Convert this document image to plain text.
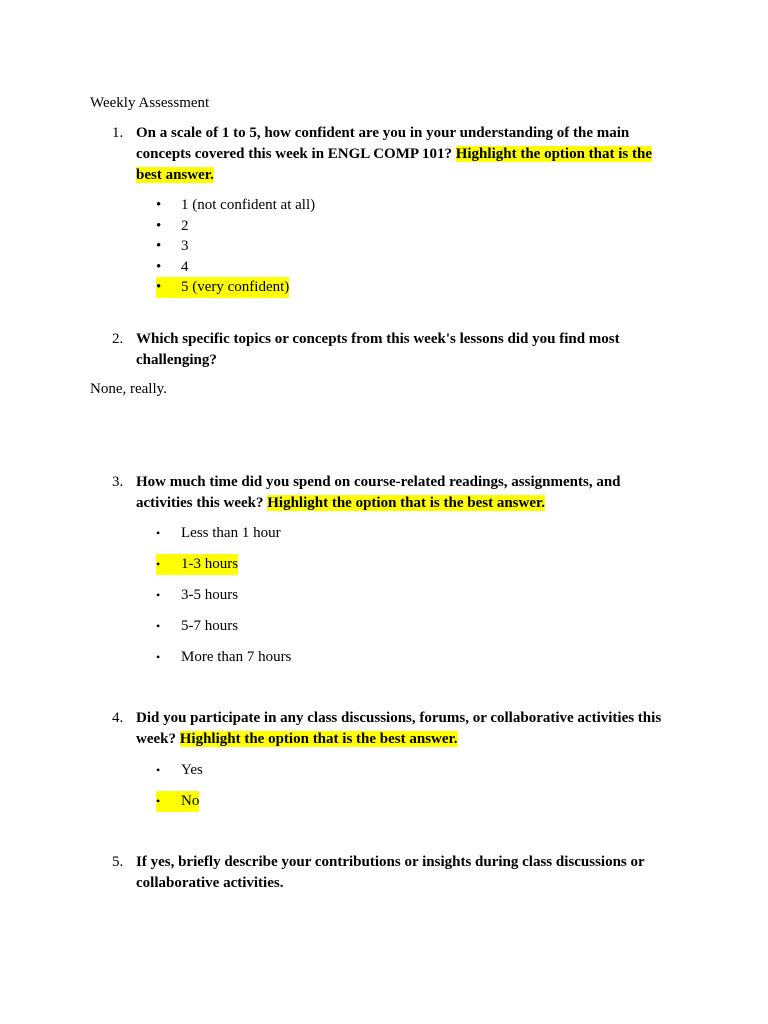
Weekly Assessment
1. On a scale of 1 to 5, how confident are you in your understanding of the main concepts covered this week in ENGL COMP 101? Highlight the option that is the best answer.
• 1 (not confident at all)
• 2
• 3
• 4
•	5 (very confident)
2. Which specific topics or concepts from this week's lessons did you find most challenging?
None, really.
3. How much time did you spend on course-related readings, assignments, and activities this week? Highlight the option that is the best answer.
• Less than 1 hour
•	1-3 hours
• 3-5 hours
• 5-7 hours
• More than 7 hours
4. Did you participate in any class discussions, forums, or collaborative activities this week? Highlight the option that is the best answer.
• Yes
•	No
5. If yes, briefly describe your contributions or insights during class discussions or collaborative activities.
